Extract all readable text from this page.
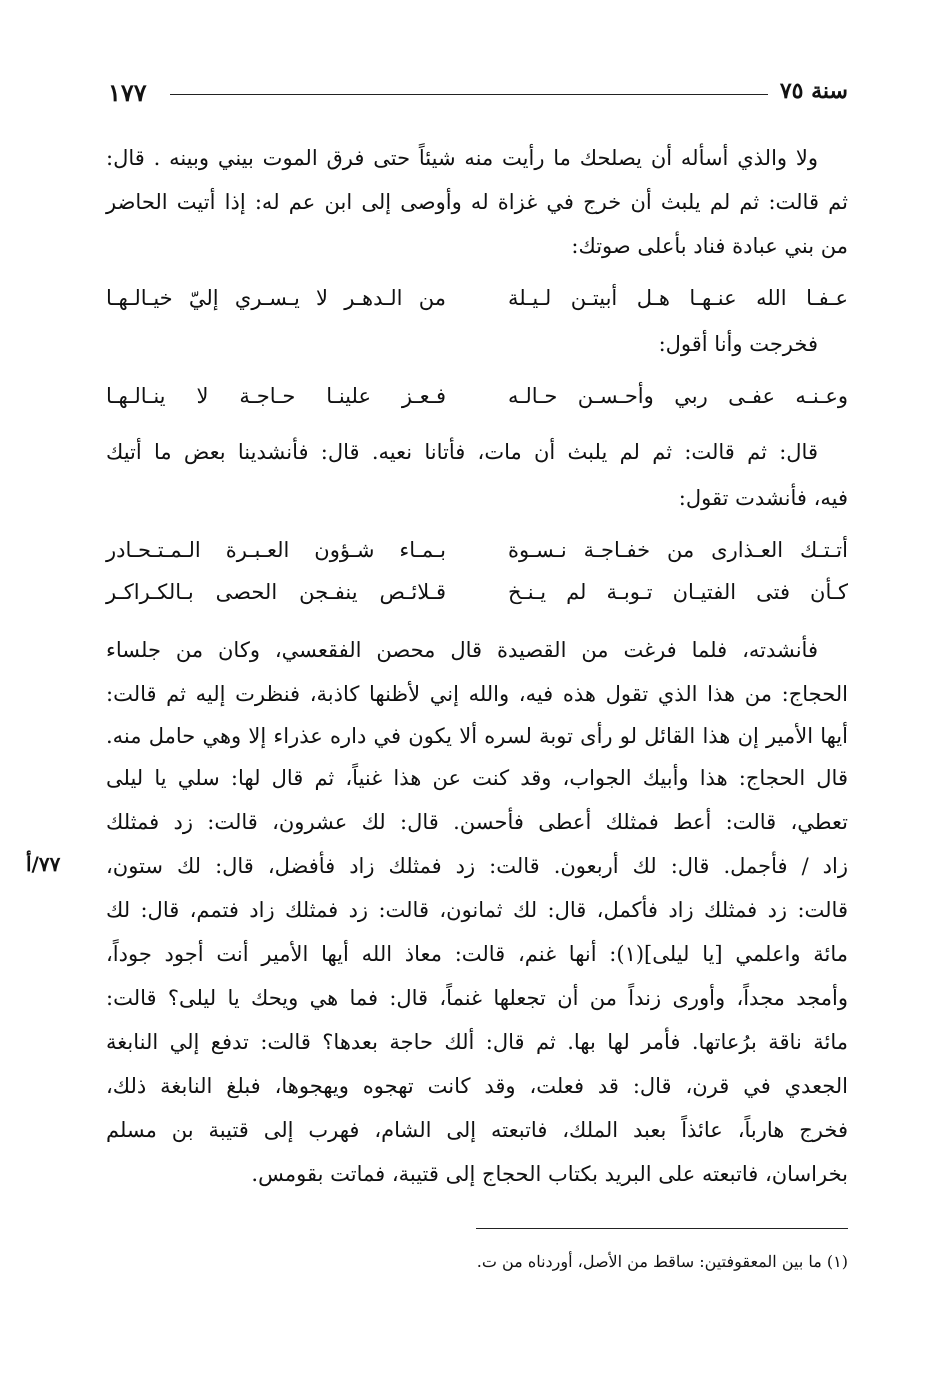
سنة ٧٥
١٧٧
ولا والذي أسأله أن يصلحك ما رأيت منه شيئاً حتى فرق الموت بيني وبينه . قال:
ثم قالت: ثم لم يلبث أن خرج في غزاة له وأوصى إلى ابن عم له: إذا أتيت الحاضر
من بني عبادة فناد بأعلى صوتك:
عـفـا الله عنـهـا هـل أبيتـن لـيـلة
من الـدهـر لا يـسـري إليّ خيـالـهـا
فخرجت وأنا أقول:
وعـنـه عفـى ربي وأحـسـن حـالـه
فـعـز علينـا حـاجـة لا ينـالـهـا
قال: ثم قالت: ثم لم يلبث أن مات، فأتانا نعيه. قال: فأنشدينا بعض ما أتيك
فيه، فأنشدت تقول:
أتـتـك العـذارى من خفـاجـة نـسـوة
بـمـاء شـؤون العـبـرة الـمـتـحـادر
كـأن فتى الفتيـان تـوبـة لم يـنـخ
قـلائـص ينفـجن الحصى بـالكـراكـر
فأنشدته، فلما فرغت من القصيدة قال محصن الفقعسي، وكان من جلساء
الحجاج: من هذا الذي تقول هذه فيه، والله إني لأظنها كاذبة، فنظرت إليه ثم قالت:
أيها الأمير إن هذا القائل لو رأى توبة لسره ألا يكون في داره عذراء إلا وهي حامل منه.
قال الحجاج: هذا وأبيك الجواب، وقد كنت عن هذا غنياً، ثم قال لها: سلي يا ليلى
تعطي، قالت: أعط فمثلك أعطى فأحسن. قال: لك عشرون، قالت: زد فمثلك
زاد / فأجمل. قال: لك أربعون. قالت: زد فمثلك زاد فأفضل، قال: لك ستون،
قالت: زد فمثلك زاد فأكمل، قال: لك ثمانون، قالت: زد فمثلك زاد فتمم، قال: لك
مائة واعلمي [يا ليلى](١): أنها غنم، قالت: معاذ الله أيها الأمير أنت أجود جوداً،
وأمجد مجداً، وأورى زنداً من أن تجعلها غنماً، قال: فما هي ويحك يا ليلى؟ قالت:
مائة ناقة برُعاتها. فأمر لها بها. ثم قال: ألك حاجة بعدها؟ قالت: تدفع إلي النابغة
الجعدي في قرن، قال: قد فعلت، وقد كانت تهجوه ويهجوها، فبلغ النابغة ذلك،
فخرج هارباً، عائذاً بعبد الملك، فاتبعته إلى الشام، فهرب إلى قتيبة بن مسلم
بخراسان، فاتبعته على البريد بكتاب الحجاج إلى قتيبة، فماتت بقومس.
٧٧/أ
(١) ما بين المعقوفتين: ساقط من الأصل، أوردناه من ت.
